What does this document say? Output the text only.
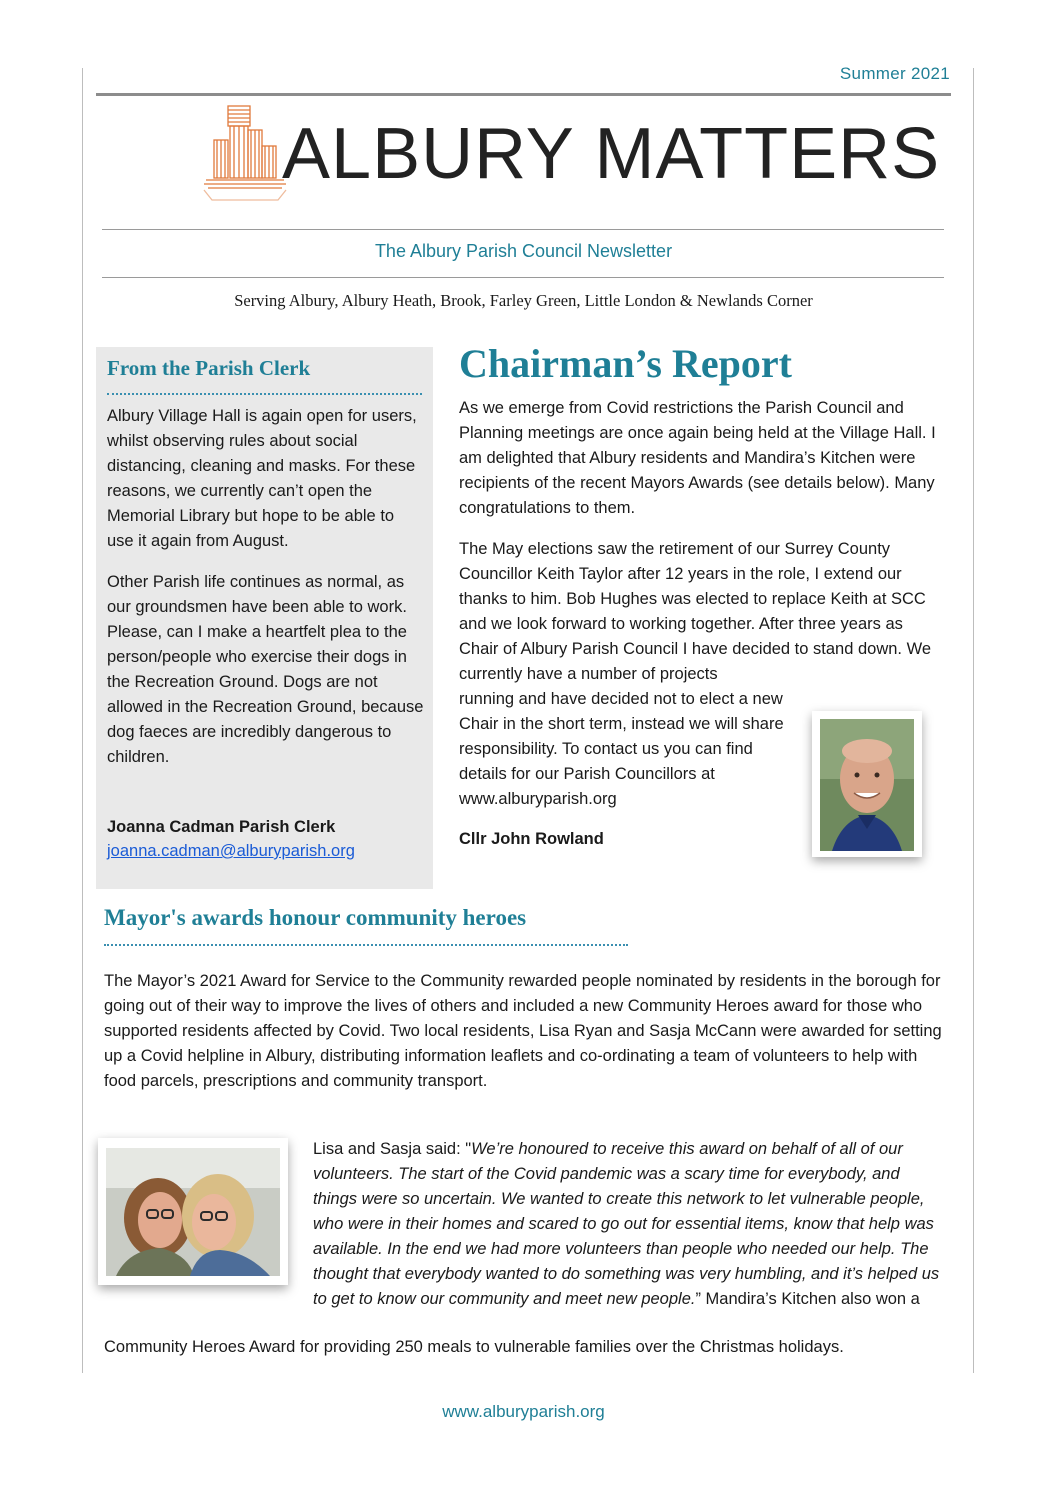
Summer 2021
ALBURY MATTERS
The Albury Parish Council Newsletter
Serving Albury, Albury Heath, Brook, Farley Green, Little London & Newlands Corner
From the Parish Clerk

Albury Village Hall is again open for users, whilst observing rules about social distancing, cleaning and masks. For these reasons, we currently can’t open the Memorial Library but hope to be able to use it again from August.

Other Parish life continues as normal, as our groundsmen have been able to work. Please, can I make a heartfelt plea to the person/people who exercise their dogs in the Recreation Ground. Dogs are not allowed in the Recreation Ground, because dog faeces are incredibly dangerous to children.

Joanna Cadman Parish Clerk
joanna.cadman@alburyparish.org
Chairman’s Report

As we emerge from Covid restrictions the Parish Council and Planning meetings are once again being held at the Village Hall. I am delighted that Albury residents and Mandira’s Kitchen were recipients of the recent Mayors Awards (see details below). Many congratulations to them.

The May elections saw the retirement of our Surrey County Councillor Keith Taylor after 12 years in the role, I extend our thanks to him. Bob Hughes was elected to replace Keith at SCC and we look forward to working together. After three years as Chair of Albury Parish Council I have decided to stand down. We currently have a number of projects

running and have decided not to elect a new Chair in the short term, instead we will share responsibility. To contact us you can find details for our Parish Councillors at www.alburyparish.org
Cllr John Rowland
Mayor's awards honour community heroes
The Mayor’s 2021 Award for Service to the Community rewarded people nominated by residents in the borough for going out of their way to improve the lives of others and included a new Community Heroes award for those who supported residents affected by Covid. Two local residents, Lisa Ryan and Sasja McCann were awarded for setting up a Covid helpline in Albury, distributing information leaflets and co-ordinating a team of volunteers to help with food parcels, prescriptions and community transport.
Lisa and Sasja said: "We’re honoured to receive this award on behalf of all of our volunteers. The start of the Covid pandemic was a scary time for everybody, and things were so uncertain. We wanted to create this network to let vulnerable people, who were in their homes and scared to go out for essential items, know that help was available. In the end we had more volunteers than people who needed our help. The thought that everybody wanted to do something was very humbling, and it’s helped us to get to know our community and meet new people.” Mandira’s Kitchen also won a
Community Heroes Award for providing 250 meals to vulnerable families over the Christmas holidays.
www.alburyparish.org
